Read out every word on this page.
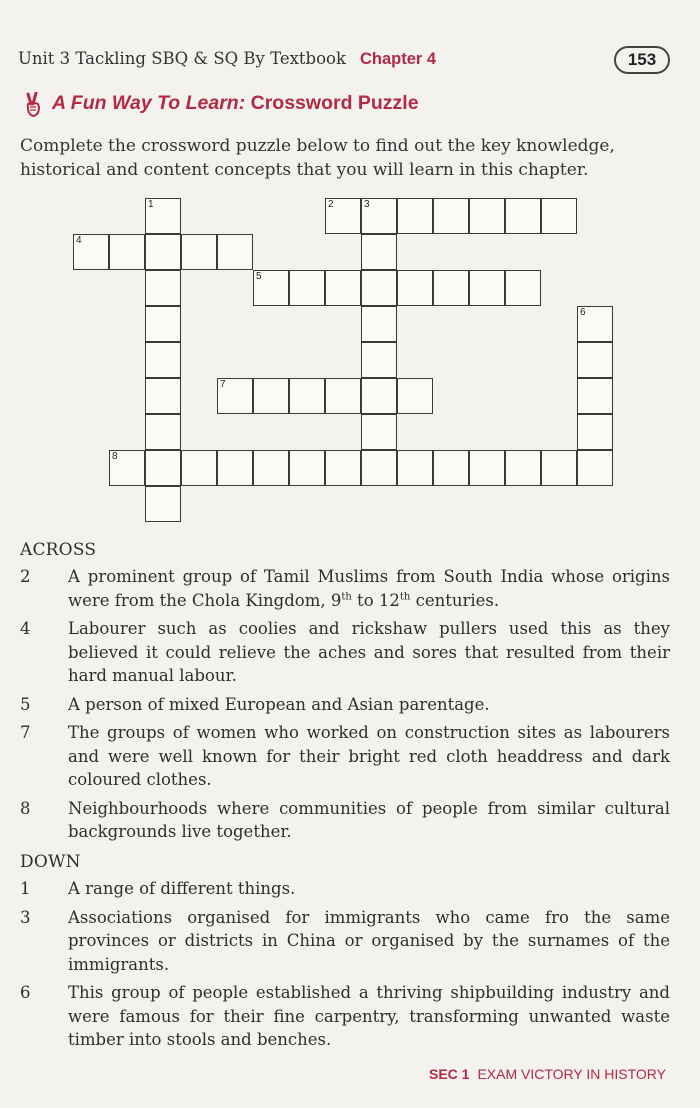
Unit 3 Tackling SBQ & SQ By Textbook Chapter 4	153
A Fun Way To Learn: Crossword Puzzle
Complete the crossword puzzle below to find out the key knowledge, historical and content concepts that you will learn in this chapter.
1	2	3
4
5
6
7
8
ACROSS
2 A prominent group of Tamil Muslims from South India whose origins were from the Chola Kingdom, 9th to 12th centuries.
4 Labourer such as coolies and rickshaw pullers used this as they believed it could relieve the aches and sores that resulted from their hard manual labour.
5 A person of mixed European and Asian parentage.
7 The groups of women who worked on construction sites as labourers and were well known for their bright red cloth headdress and dark coloured clothes.
8 Neighbourhoods where communities of people from similar cultural backgrounds live together.
DOWN
1 A range of different things.
3 Associations organised for immigrants who came fro the same provinces or districts in China or organised by the surnames of the immigrants.
6 This group of people established a thriving shipbuilding industry and were famous for their fine carpentry, transforming unwanted waste timber into stools and benches.
SEC 1 EXAM VICTORY IN HISTORY
